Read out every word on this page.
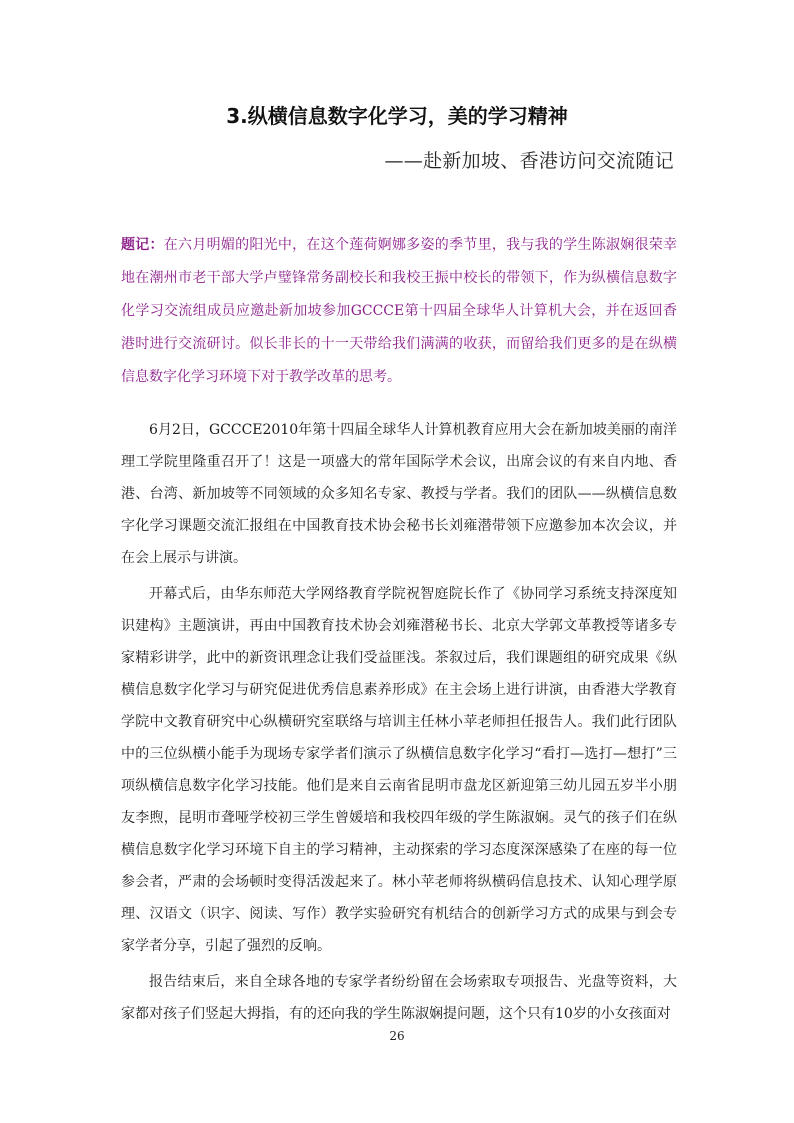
3.纵横信息数字化学习，美的学习精神
——赴新加坡、香港访问交流随记
题记：在六月明媚的阳光中，在这个莲荷婀娜多姿的季节里，我与我的学生陈淑娴很荣幸地在潮州市老干部大学卢璧锋常务副校长和我校王振中校长的带领下，作为纵横信息数字化学习交流组成员应邀赴新加坡参加GCCCE第十四届全球华人计算机大会，并在返回香港时进行交流研讨。似长非长的十一天带给我们满满的收获，而留给我们更多的是在纵横信息数字化学习环境下对于教学改革的思考。

6月2日，GCCCE2010年第十四届全球华人计算机教育应用大会在新加坡美丽的南洋理工学院里隆重召开了！这是一项盛大的常年国际学术会议，出席会议的有来自内地、香港、台湾、新加坡等不同领域的众多知名专家、教授与学者。我们的团队——纵横信息数字化学习课题交流汇报组在中国教育技术协会秘书长刘雍潜带领下应邀参加本次会议，并在会上展示与讲演。

开幕式后，由华东师范大学网络教育学院祝智庭院长作了《协同学习系统支持深度知识建构》主题演讲，再由中国教育技术协会刘雍潜秘书长、北京大学郭文革教授等诸多专家精彩讲学，此中的新资讯理念让我们受益匪浅。茶叙过后，我们课题组的研究成果《纵横信息数字化学习与研究促进优秀信息素养形成》在主会场上进行讲演，由香港大学教育学院中文教育研究中心纵横研究室联络与培训主任林小苹老师担任报告人。我们此行团队中的三位纵横小能手为现场专家学者们演示了纵横信息数字化学习“看打—选打—想打”三项纵横信息数字化学习技能。他们是来自云南省昆明市盘龙区新迎第三幼儿园五岁半小朋友李煦，昆明市聋哑学校初三学生曾媛培和我校四年级的学生陈淑娴。灵气的孩子们在纵横信息数字化学习环境下自主的学习精神，主动探索的学习态度深深感染了在座的每一位参会者，严肃的会场顿时变得活泼起来了。林小苹老师将纵横码信息技术、认知心理学原理、汉语文（识字、阅读、写作）教学实验研究有机结合的创新学习方式的成果与到会专家学者分享，引起了强烈的反响。

报告结束后，来自全球各地的专家学者纷纷留在会场索取专项报告、光盘等资料，大家都对孩子们竖起大拇指，有的还向我的学生陈淑娴提问题，这个只有10岁的小女孩面对

26
